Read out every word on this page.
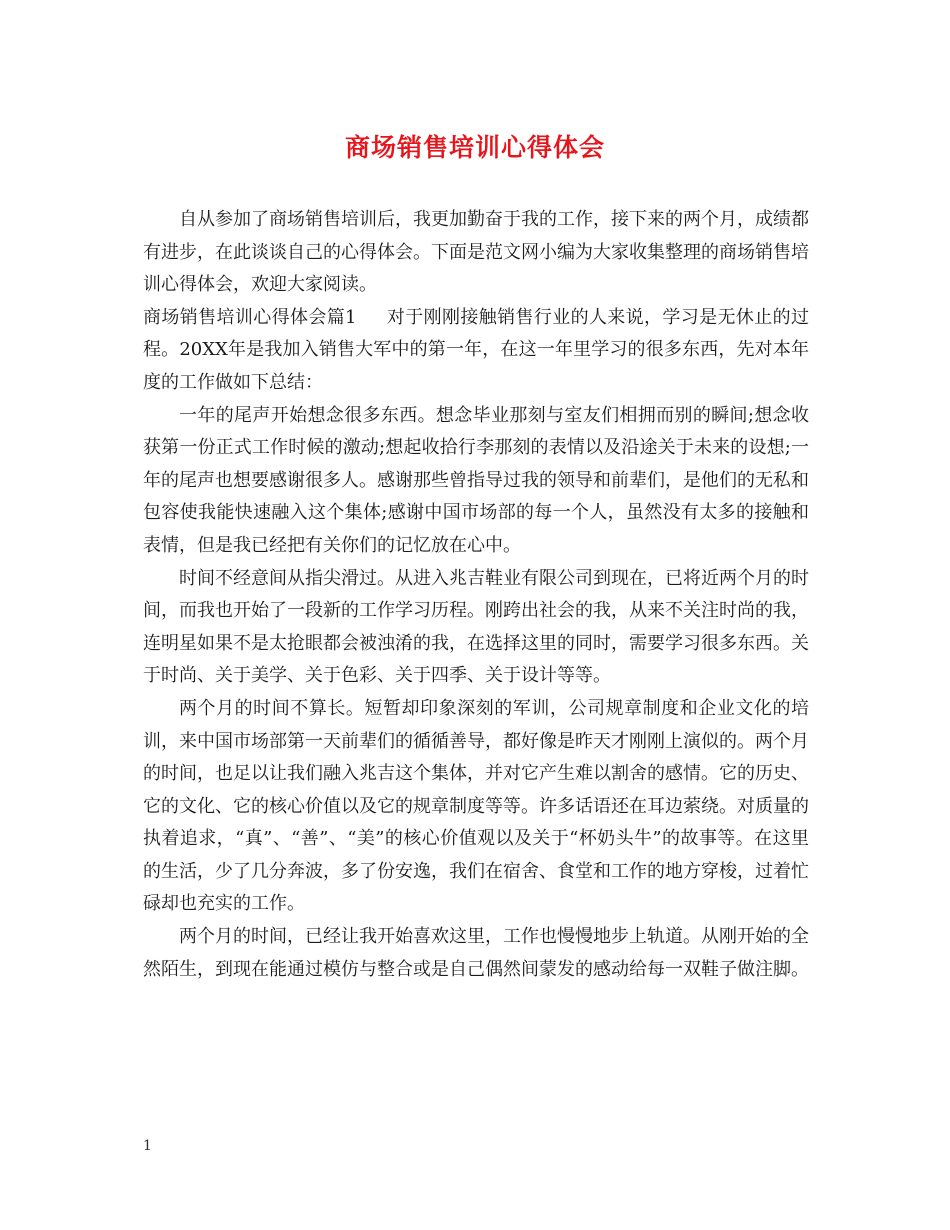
商场销售培训心得体会

自从参加了商场销售培训后，我更加勤奋于我的工作，接下来的两个月，成绩都有进步，在此谈谈自己的心得体会。下面是范文网小编为大家收集整理的商场销售培训心得体会，欢迎大家阅读。

商场销售培训心得体会篇1 对于刚刚接触销售行业的人来说，学习是无休止的过程。20XX年是我加入销售大军中的第一年，在这一年里学习的很多东西，先对本年度的工作做如下总结：

一年的尾声开始想念很多东西。想念毕业那刻与室友们相拥而别的瞬间;想念收获第一份正式工作时候的激动;想起收拾行李那刻的表情以及沿途关于未来的设想;一年的尾声也想要感谢很多人。感谢那些曾指导过我的领导和前辈们，是他们的无私和包容使我能快速融入这个集体;感谢中国市场部的每一个人，虽然没有太多的接触和表情，但是我已经把有关你们的记忆放在心中。

时间不经意间从指尖滑过。从进入兆吉鞋业有限公司到现在，已将近两个月的时间，而我也开始了一段新的工作学习历程。刚跨出社会的我，从来不关注时尚的我，连明星如果不是太抢眼都会被浊淆的我，在选择这里的同时，需要学习很多东西。关于时尚、关于美学、关于色彩、关于四季、关于设计等等。

两个月的时间不算长。短暂却印象深刻的军训，公司规章制度和企业文化的培训，来中国市场部第一天前辈们的循循善导，都好像是昨天才刚刚上演似的。两个月的时间，也足以让我们融入兆吉这个集体，并对它产生难以割舍的感情。它的历史、它的文化、它的核心价值以及它的规章制度等等。许多话语还在耳边萦绕。对质量的执着追求，“真”、“善”、“美”的核心价值观以及关于“杯奶头牛”的故事等。在这里的生活，少了几分奔波，多了份安逸，我们在宿舍、食堂和工作的地方穿梭，过着忙碌却也充实的工作。

两个月的时间，已经让我开始喜欢这里，工作也慢慢地步上轨道。从刚开始的全然陌生，到现在能通过模仿与整合或是自己偶然间蒙发的感动给每一双鞋子做注脚。

1
